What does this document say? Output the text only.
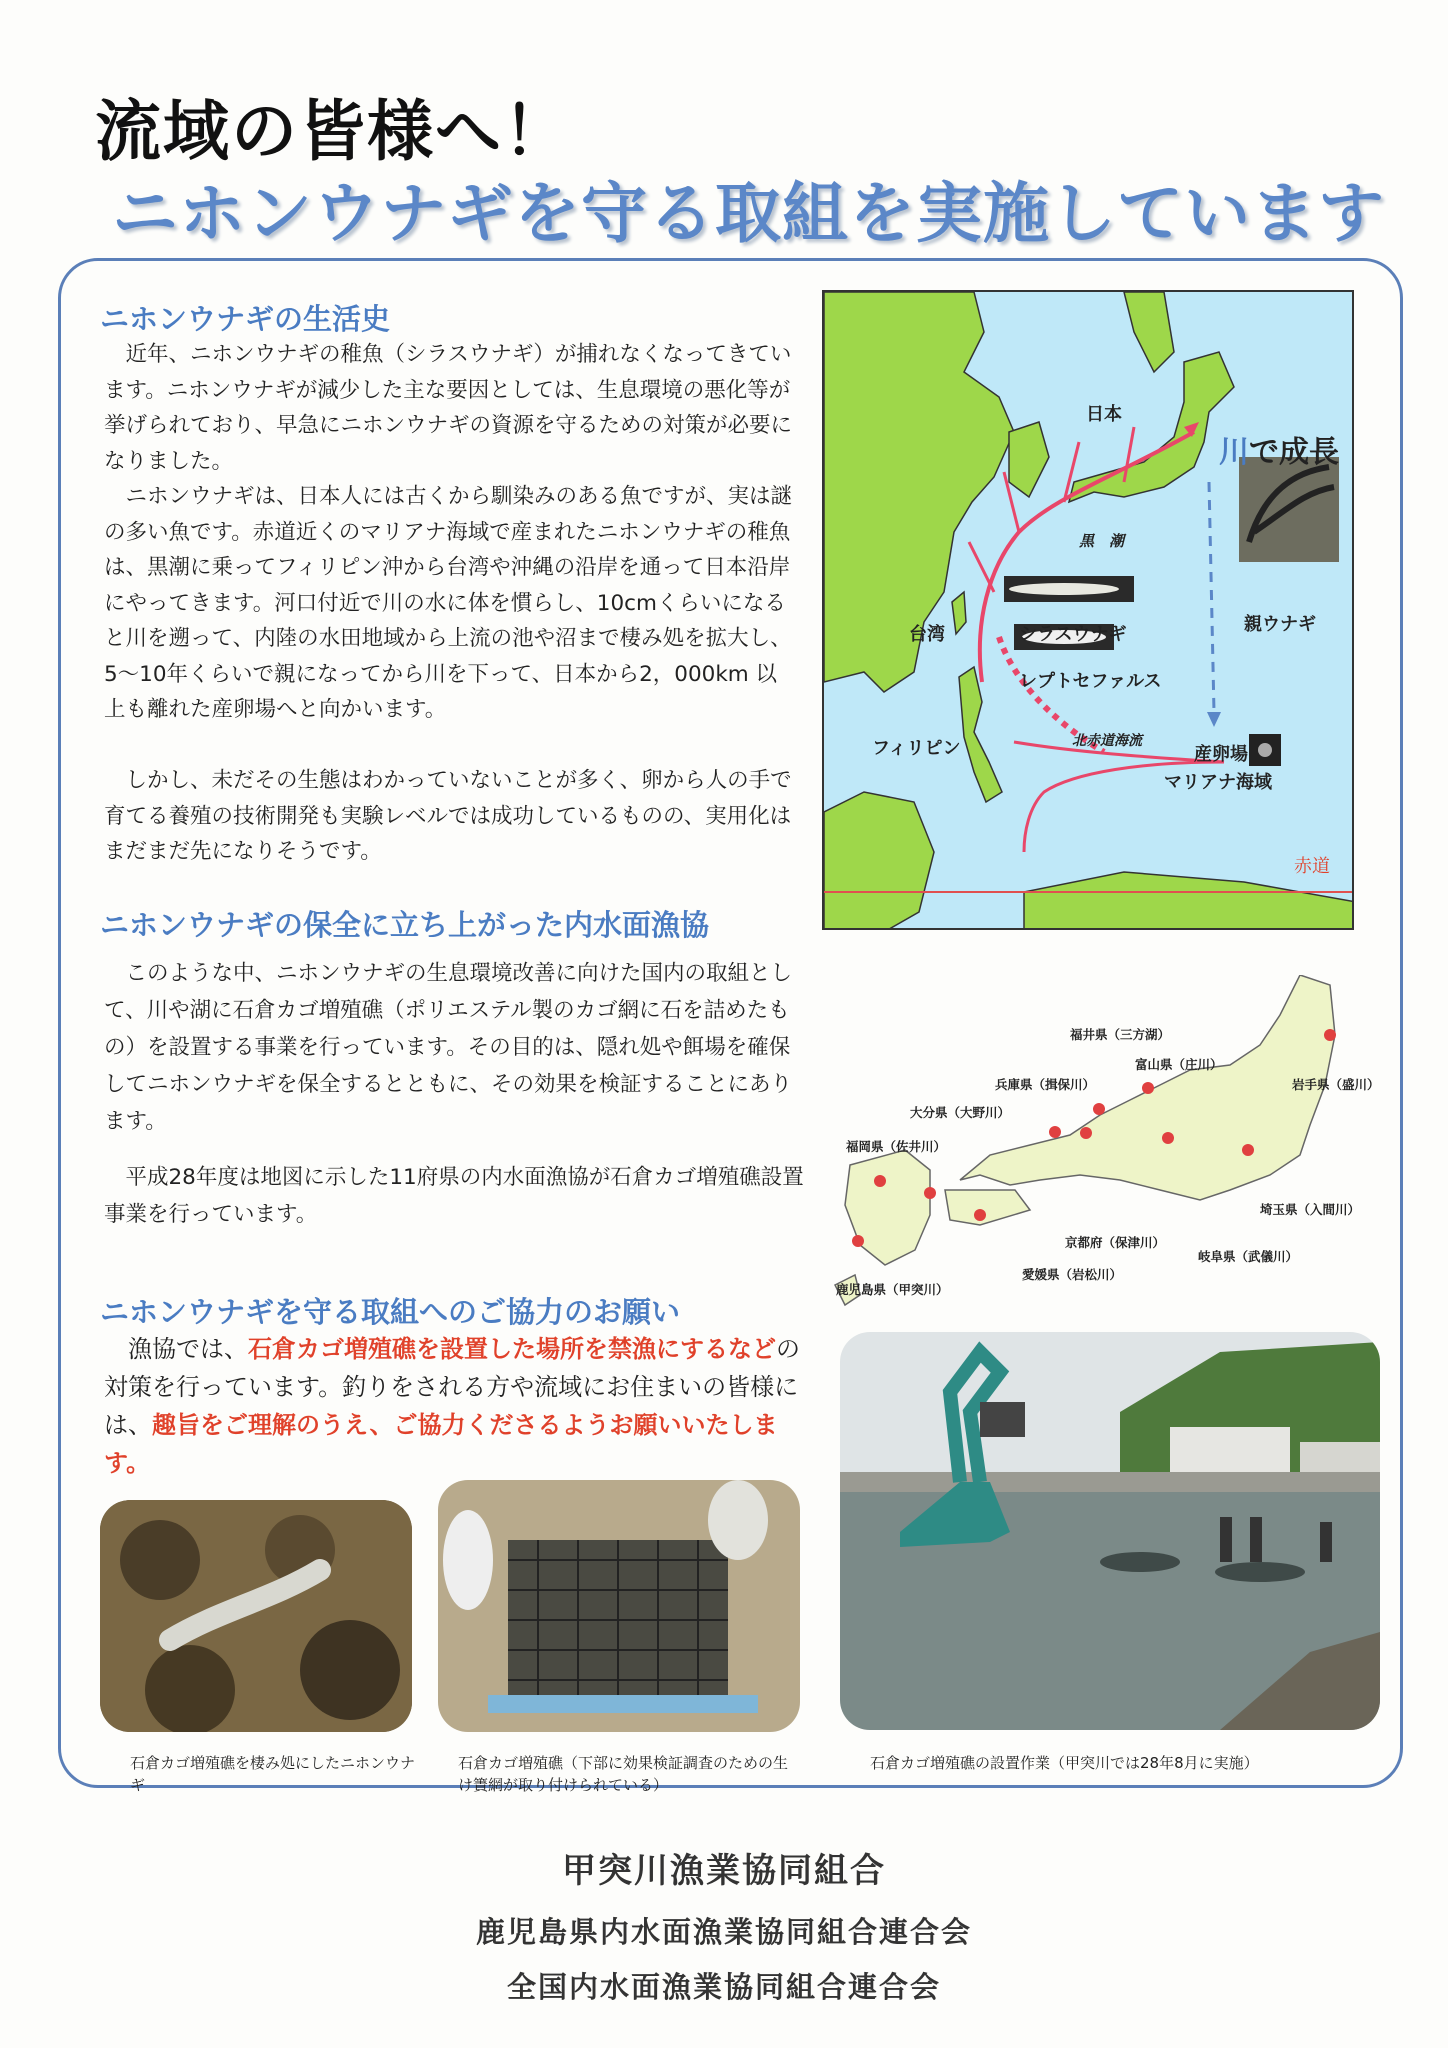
流域の皆様へ！
ニホンウナギを守る取組を実施しています
ニホンウナギの生活史

近年、ニホンウナギの稚魚（シラスウナギ）が捕れなくなってきています。ニホンウナギが減少した主な要因としては、生息環境の悪化等が挙げられており、早急にニホンウナギの資源を守るための対策が必要になりました。

ニホンウナギは、日本人には古くから馴染みのある魚ですが、実は謎の多い魚です。赤道近くのマリアナ海域で産まれたニホンウナギの稚魚は、黒潮に乗ってフィリピン沖から台湾や沖縄の沿岸を通って日本沿岸にやってきます。河口付近で川の水に体を慣らし、10cmくらいになると川を遡って、内陸の水田地域から上流の池や沼まで棲み処を拡大し、5～10年くらいで親になってから川を下って、日本から2，000km 以上も離れた産卵場へと向かいます。

しかし、未だその生態はわかっていないことが多く、卵から人の手で育てる養殖の技術開発も実験レベルでは成功しているものの、実用化はまだまだ先になりそうです。

ニホンウナギの保全に立ち上がった内水面漁協

このような中、ニホンウナギの生息環境改善に向けた国内の取組として、川や湖に石倉カゴ増殖礁（ポリエステル製のカゴ網に石を詰めたもの）を設置する事業を行っています。その目的は、隠れ処や餌場を確保してニホンウナギを保全するとともに、その効果を検証することにあります。

平成28年度は地図に示した11府県の内水面漁協が石倉カゴ増殖礁設置事業を行っています。

ニホンウナギを守る取組へのご協力のお願い

漁協では、石倉カゴ増殖礁を設置した場所を禁漁にするなどの対策を行っています。釣りをされる方や流域にお住まいの皆様には、趣旨をご理解のうえ、ご協力くださるようお願いいたします。

日本
川で成長
黒　潮
台湾	シラスウナギ
レプトセファルス
親ウナギ
フィリピン	北赤道海流
産卵場
マリアナ海域
赤道
福井県（三方湖）
富山県（庄川）
岩手県（盛川）
兵庫県（揖保川）
大分県（大野川）
福岡県（佐井川）
埼玉県（入間川）
京都府（保津川）
岐阜県（武儀川）
愛媛県（岩松川）
鹿児島県（甲突川）
石倉カゴ増殖礁を棲み処にしたニホンウナギ
石倉カゴ増殖礁（下部に効果検証調査のための生け簀網が取り付けられている）
石倉カゴ増殖礁の設置作業（甲突川では28年8月に実施）
甲突川漁業協同組合
鹿児島県内水面漁業協同組合連合会
全国内水面漁業協同組合連合会
